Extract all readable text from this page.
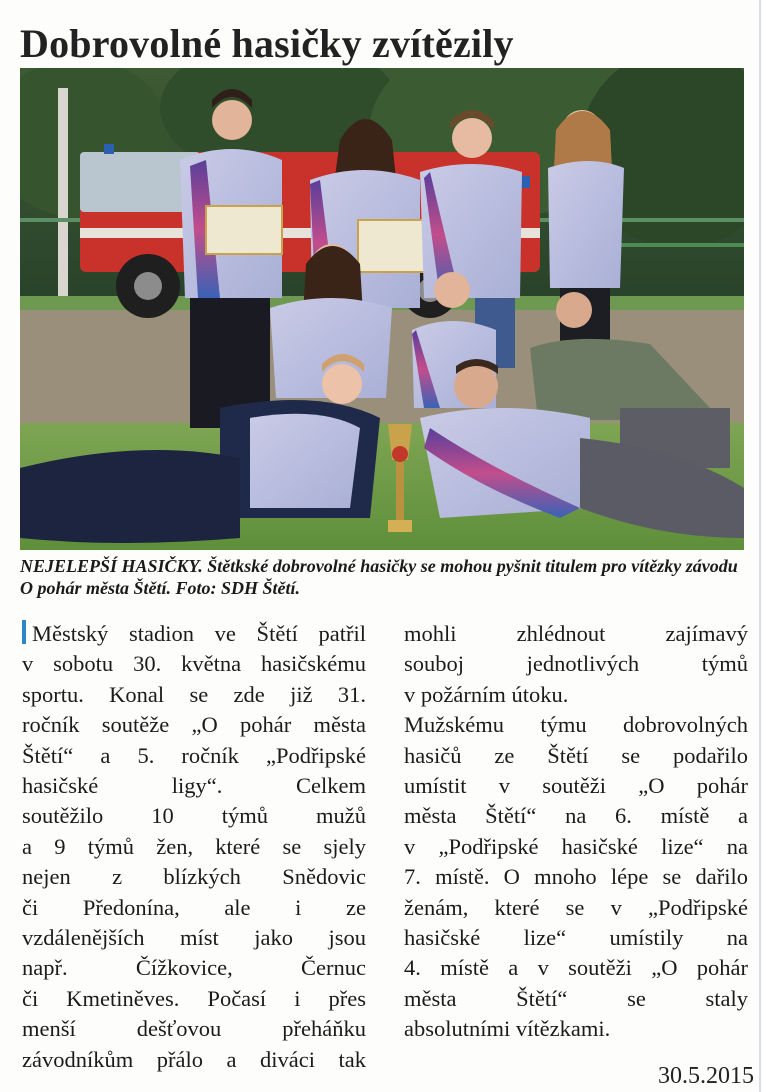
Dobrovolné hasičky zvítězily

NEJELEPŠÍ HASIČKY. Štětkské dobrovolné hasičky se mohou pyšnit titulem pro vítězky závodu O pohár města Štětí. Foto: SDH Štětí.

Městský stadion ve Štětí patřil
v sobotu 30. května hasičskému
sportu. Konal se zde již 31.
ročník soutěže „O pohár města
Štětí“ a 5. ročník „Podřipské
hasičské ligy“. Celkem
soutěžilo 10 týmů mužů
a 9 týmů žen, které se sjely
nejen z blízkých Snědovic
či Předonína, ale i ze
vzdálenějších míst jako jsou
např. Čížkovice, Černuc
či Kmetiněves. Počasí i přes
menší dešťovou přeháňku
závodníkům přálo a diváci tak
mohli zhlédnout zajímavý
souboj jednotlivých týmů
v požárním útoku.
Mužskému týmu dobrovolných
hasičů ze Štětí se podařilo
umístit v soutěži „O pohár
města Štětí“ na 6. místě a
v „Podřipské hasičské lize“ na
7. místě. O mnoho lépe se dařilo
ženám, které se v „Podřipské
hasičské lize“ umístily na
4. místě a v soutěži „O pohár
města Štětí“ se staly
absolutními vítězkami.
30.5.2015
